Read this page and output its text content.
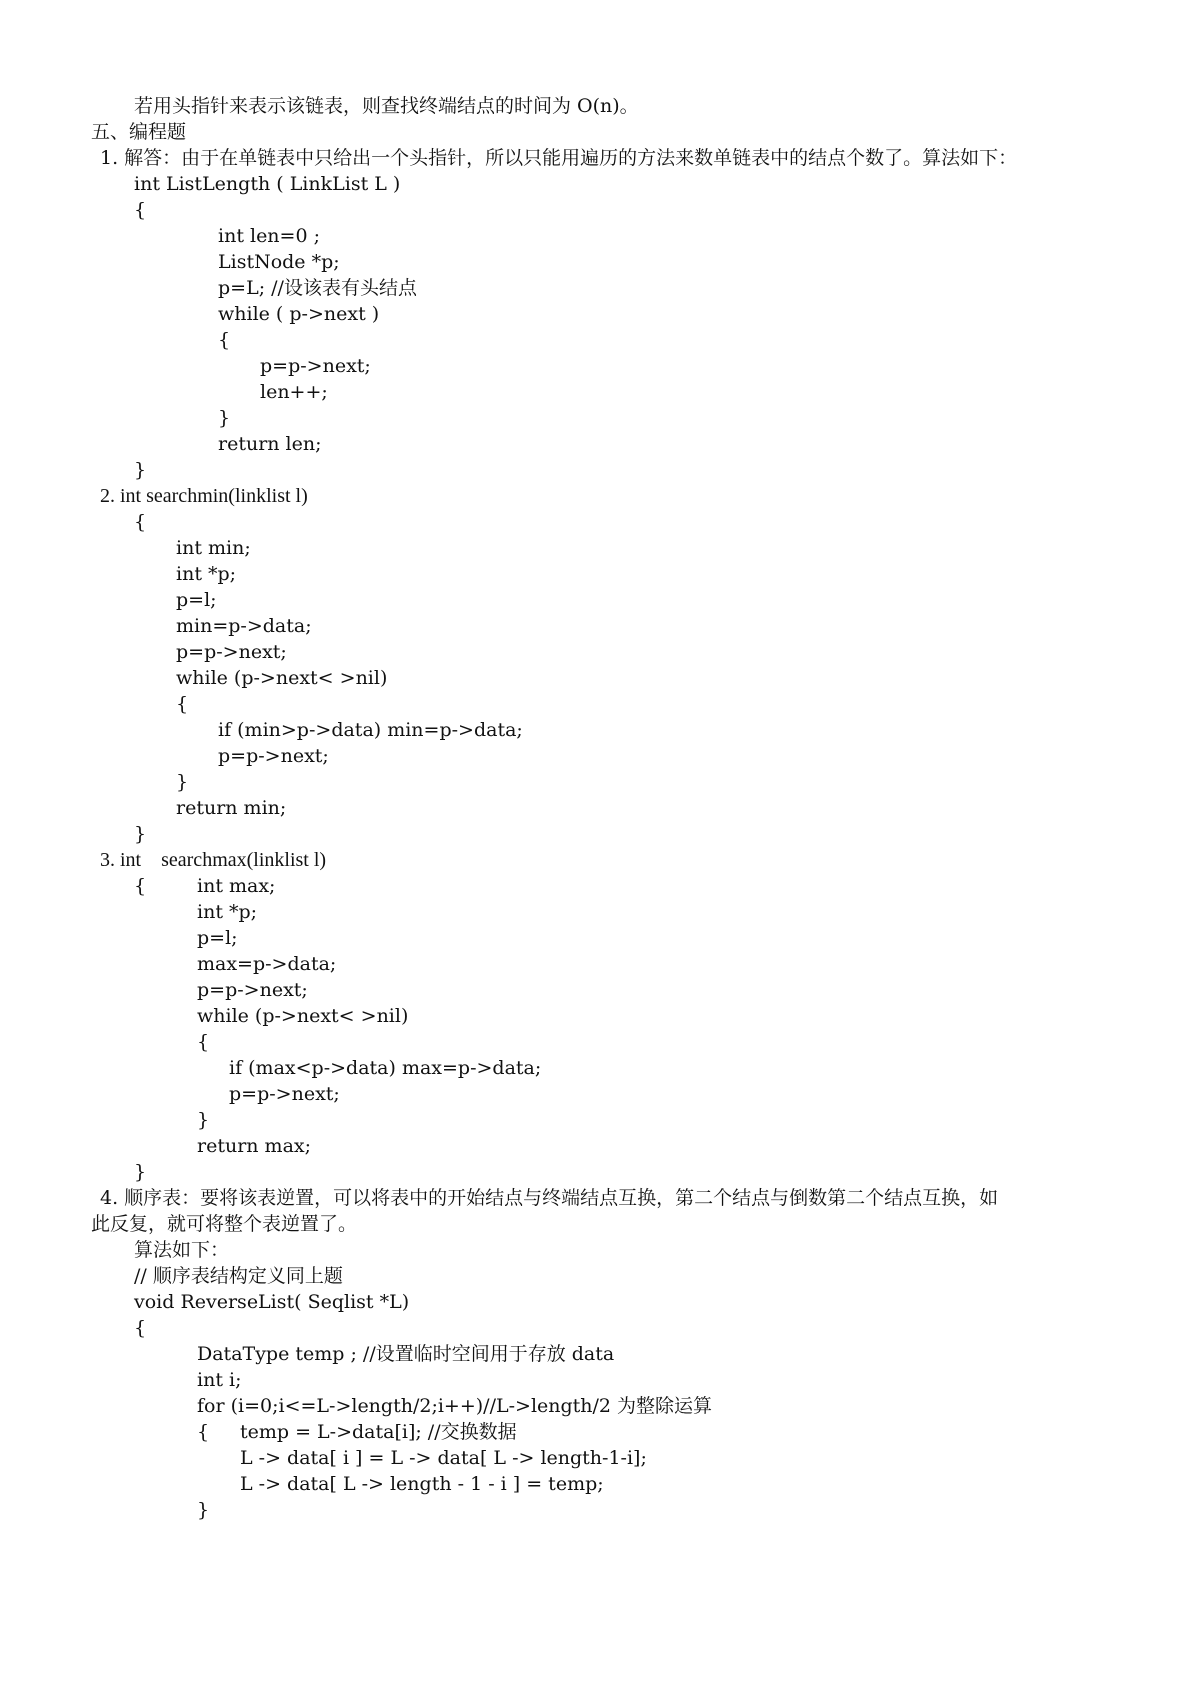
若用头指针来表示该链表，则查找终端结点的时间为 O(n)。
五、编程题
1. 解答：由于在单链表中只给出一个头指针，所以只能用遍历的方法来数单链表中的结点个数了。算法如下：
int ListLength ( LinkList L )
{
int len=0 ;
ListNode *p;
p=L; //设该表有头结点
while ( p->next )
{
p=p->next;
len++;
}
return len;
}
2. int searchmin(linklist l)
{
int min;
int *p;
p=l;
min=p->data;
p=p->next;
while (p->next< >nil)
{
if (min>p->data) min=p->data;
p=p->next;
}
return min;
}
3. int    searchmax(linklist l)
{	int max;
int *p;
p=l;
max=p->data;
p=p->next;
while (p->next< >nil)
{
if (max<p->data) max=p->data;
p=p->next;
}
return max;
}
4. 顺序表：要将该表逆置，可以将表中的开始结点与终端结点互换，第二个结点与倒数第二个结点互换，如
此反复，就可将整个表逆置了。
算法如下：
// 顺序表结构定义同上题
void ReverseList( Seqlist *L)
{
DataType temp ; //设置临时空间用于存放 data
int i;
for (i=0;i<=L->length/2;i++)//L->length/2 为整除运算
{ temp = L->data[i]; //交换数据
L -> data[ i ] = L -> data[ L -> length-1-i];
L -> data[ L -> length - 1 - i ] = temp;
}
